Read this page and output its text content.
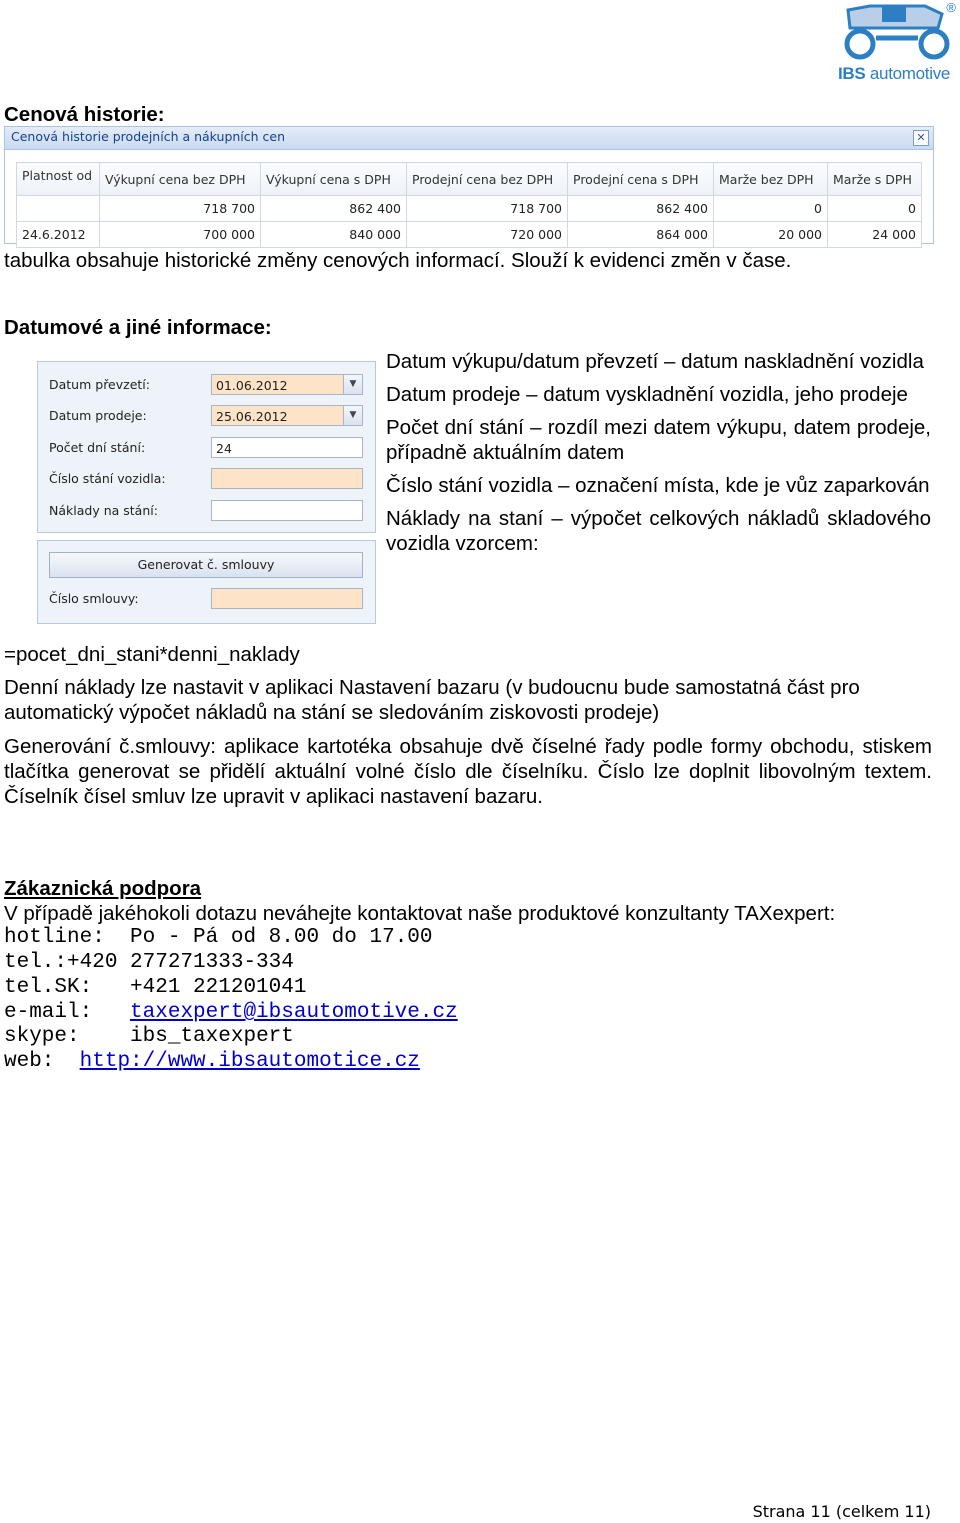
®
IBS automotive
Cenová historie:
Cenová historie prodejních a nákupních cen	✕
Platnost od	Výkupní cena bez DPH	Výkupní cena s DPH	Prodejní cena bez DPH	Prodejní cena s DPH	Marže bez DPH	Marže s DPH
	718 700	862 400	718 700	862 400	0	0
24.6.2012	700 000	840 000	720 000	864 000	20 000	24 000
tabulka obsahuje historické změny cenových informací. Slouží k evidenci změn v čase.
Datumové a jiné informace:
Datum převzetí:	01.06.2012	▼
Datum prodeje:	25.06.2012	▼
Počet dní stání:	24
Číslo stání vozidla:
Náklady na stání:
Generovat č. smlouvy
Číslo smlouvy:
Datum výkupu/datum převzetí – datum naskladnění vozidla
Datum prodeje – datum vyskladnění vozidla, jeho prodeje
Počet dní stání – rozdíl mezi datem výkupu, datem prodeje, případně aktuálním datem
Číslo stání vozidla – označení místa, kde je vůz zaparkován
Náklady na staní – výpočet celkových nákladů skladového vozidla vzorcem:
=pocet_dni_stani*denni_naklady
Denní náklady lze nastavit v aplikaci Nastavení bazaru (v budoucnu bude samostatná část pro automatický výpočet nákladů na stání se sledováním ziskovosti prodeje)
Generování č.smlouvy: aplikace kartotéka obsahuje dvě číselné řady podle formy obchodu, stiskem tlačítka generovat se přidělí aktuální volné číslo dle číselníku. Číslo lze doplnit libovolným textem. Číselník čísel smluv lze upravit v aplikaci nastavení bazaru.
Zákaznická podpora
V případě jakéhokoli dotazu neváhejte kontaktovat naše produktové konzultanty TAXexpert:
hotline: Po - Pá od 8.00 do 17.00
tel.:+420 277271333-334
tel.SK: +421 221201041
e-mail: taxexpert@ibsautomotive.cz
skype: ibs_taxexpert
web: http://www.ibsautomotice.cz
Strana 11 (celkem 11)
